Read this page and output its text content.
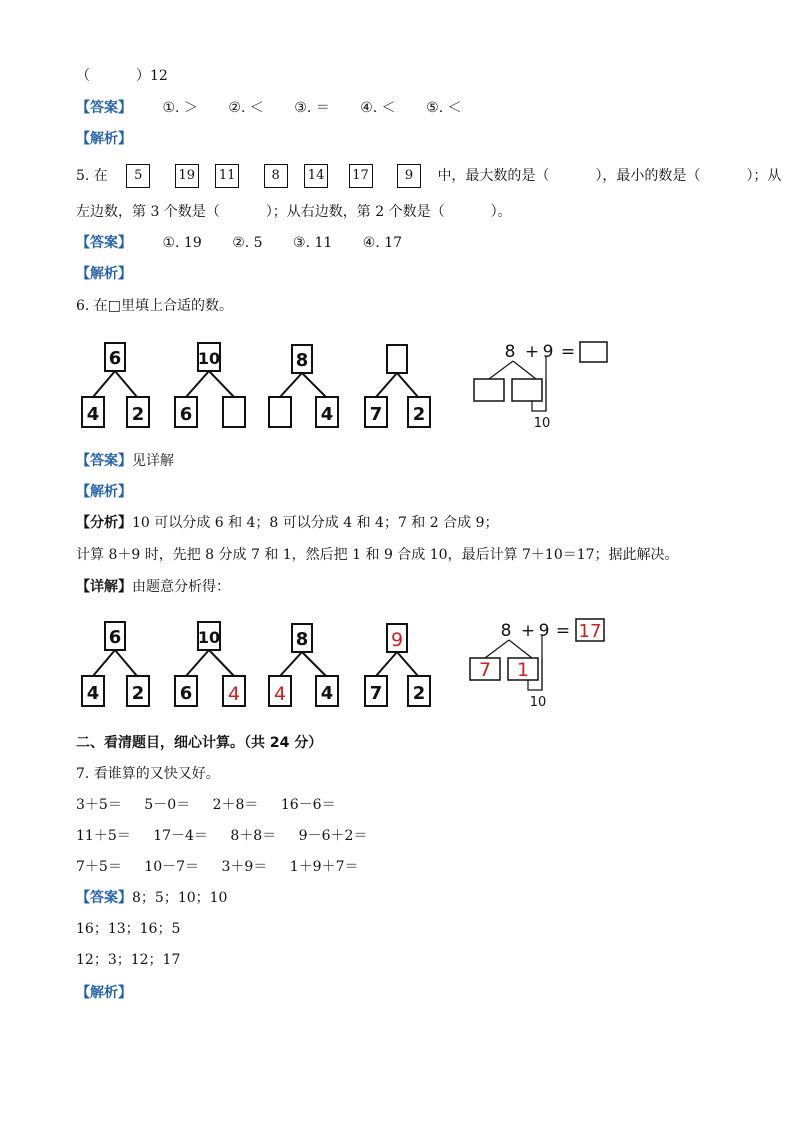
（	）12
【答案】 ①. ＞ ②. ＜ ③. ＝ ④. ＜ ⑤. ＜
【解析】
5. 在 5	19 11	8 14 17	9 中，最大数的是（	），最小的数是（	）；从
左边数，第 3 个数是（	）；从右边数，第 2 个数是（	）。
【答案】 ①. 19 ②. 5 ③. 11 ④. 17
【解析】
6. 在□里填上合适的数。
6
4 2
10
6
8
4 7 2
8 + 9 =
10
【答案】见详解
【解析】
【分析】10 可以分成 6 和 4；8 可以分成 4 和 4；7 和 2 合成 9；
计算 8＋9 时，先把 8 分成 7 和 1，然后把 1 和 9 合成 10，最后计算 7＋10＝17；据此解决。
【详解】由题意分析得：
6
4 2
10
6
8
4 7 2
4 4
9	17
7 1
8 + 9 =
10
二、看清题目，细心计算。（共 24 分）
7. 看谁算的又快又好。
3＋5＝ 5－0＝ 2＋8＝ 16－6＝
11＋5＝ 17－4＝ 8＋8＝ 9－6＋2＝
7＋5＝ 10－7＝ 3＋9＝ 1＋9＋7＝
【答案】8；5；10；10
16；13；16；5
12；3；12；17
【解析】
